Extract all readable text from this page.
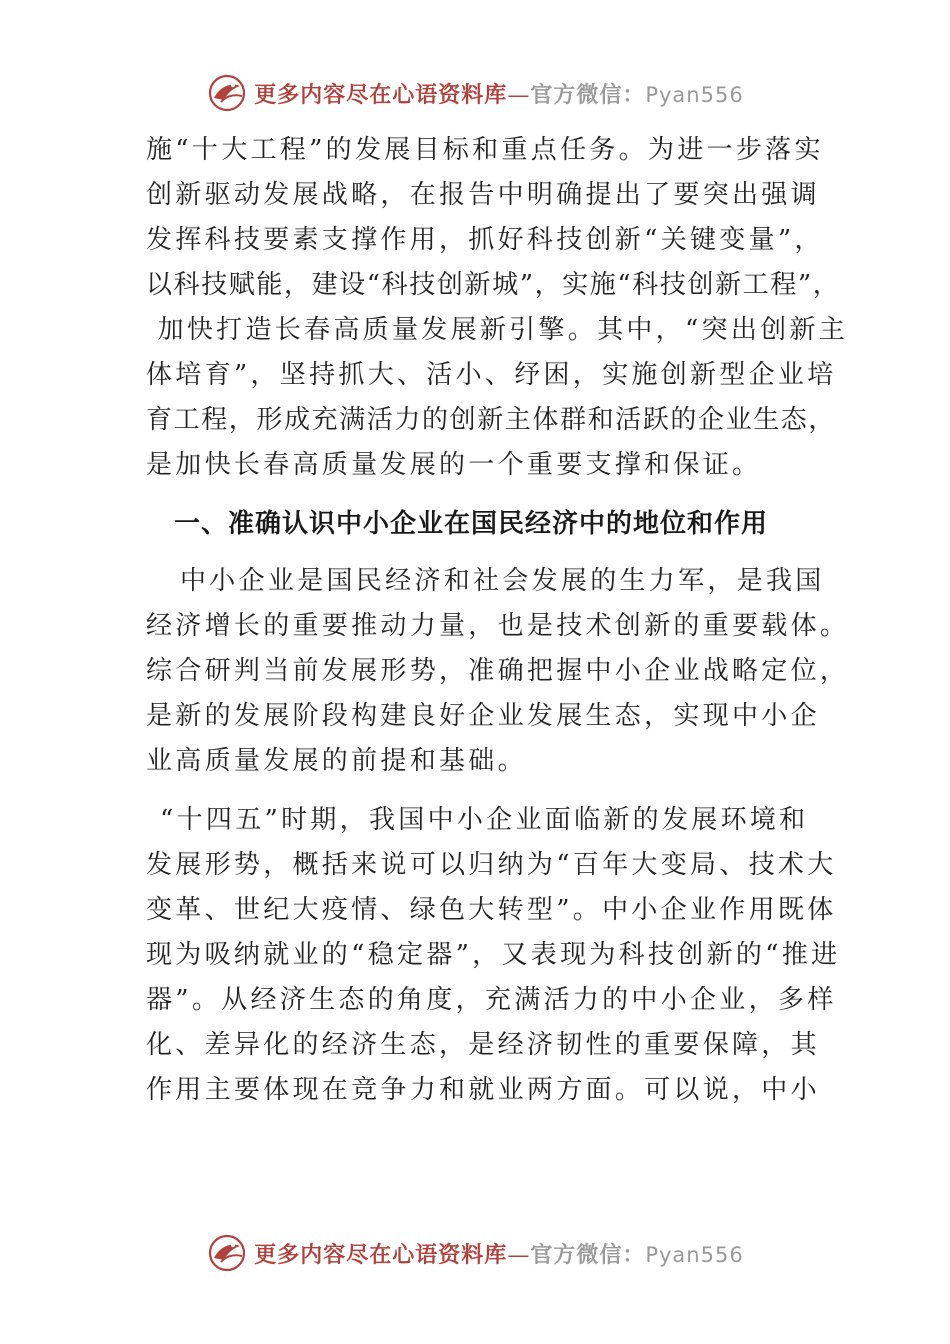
更多内容尽在心语资料库—官方微信：Pyan556
施“十大工程”的发展目标和重点任务。为进一步落实
创新驱动发展战略，在报告中明确提出了要突出强调
发挥科技要素支撑作用，抓好科技创新“关键变量”，
以科技赋能，建设“科技创新城”，实施“科技创新工程”，
加快打造长春高质量发展新引擎。其中，“突出创新主
体培育”，坚持抓大、活小、纾困，实施创新型企业培
育工程，形成充满活力的创新主体群和活跃的企业生态，
是加快长春高质量发展的一个重要支撑和保证。
一、准确认识中小企业在国民经济中的地位和作用
中小企业是国民经济和社会发展的生力军，是我国
经济增长的重要推动力量，也是技术创新的重要载体。
综合研判当前发展形势，准确把握中小企业战略定位，
是新的发展阶段构建良好企业发展生态，实现中小企
业高质量发展的前提和基础。
“十四五”时期，我国中小企业面临新的发展环境和
发展形势，概括来说可以归纳为“百年大变局、技术大
变革、世纪大疫情、绿色大转型”。中小企业作用既体
现为吸纳就业的“稳定器”，又表现为科技创新的“推进
器”。从经济生态的角度，充满活力的中小企业，多样
化、差异化的经济生态，是经济韧性的重要保障，其
作用主要体现在竞争力和就业两方面。可以说，中小
更多内容尽在心语资料库—官方微信：Pyan556
